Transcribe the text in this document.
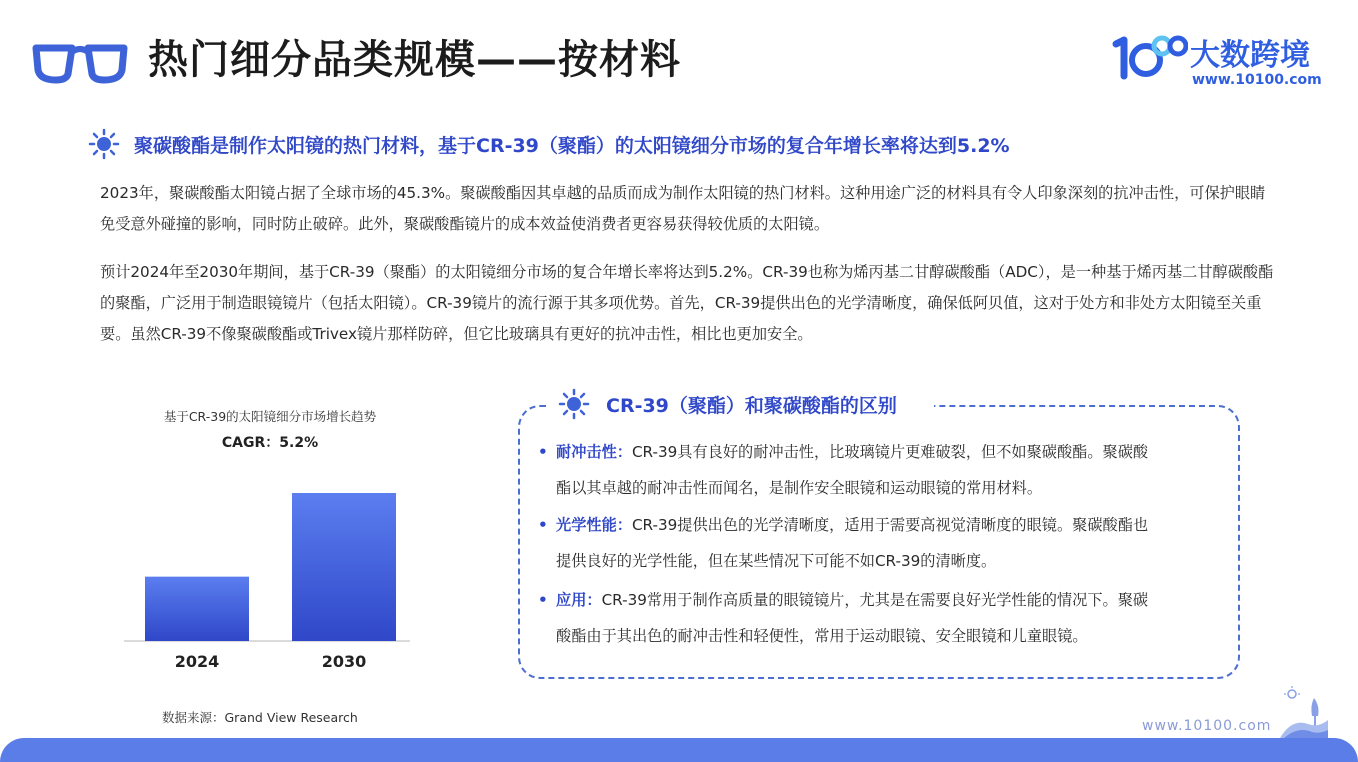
热门细分品类规模——按材料	大数跨境
www.10100.com
聚碳酸酯是制作太阳镜的热门材料，基于CR-39（聚酯）的太阳镜细分市场的复合年增长率将达到5.2%
2023年，聚碳酸酯太阳镜占据了全球市场的45.3%。聚碳酸酯因其卓越的品质而成为制作太阳镜的热门材料。这种用途广泛的材料具有令人印象深刻的抗冲击性，可保护眼睛免受意外碰撞的影响，同时防止破碎。此外，聚碳酸酯镜片的成本效益使消费者更容易获得较优质的太阳镜。
预计2024年至2030年期间，基于CR-39（聚酯）的太阳镜细分市场的复合年增长率将达到5.2%。CR-39也称为烯丙基二甘醇碳酸酯（ADC），是一种基于烯丙基二甘醇碳酸酯的聚酯，广泛用于制造眼镜镜片（包括太阳镜）。CR-39镜片的流行源于其多项优势。首先，CR-39提供出色的光学清晰度，确保低阿贝值，这对于处方和非处方太阳镜至关重要。虽然CR-39不像聚碳酸酯或Trivex镜片那样防碎，但它比玻璃具有更好的抗冲击性，相比也更加安全。
基于CR-39的太阳镜细分市场增长趋势
CAGR：5.2%
2024	2030
数据来源：Grand View Research
CR-39（聚酯）和聚碳酸酯的区别
• 耐冲击性：CR-39具有良好的耐冲击性，比玻璃镜片更难破裂，但不如聚碳酸酯。聚碳酸
酯以其卓越的耐冲击性而闻名，是制作安全眼镜和运动眼镜的常用材料。
• 光学性能：CR-39提供出色的光学清晰度，适用于需要高视觉清晰度的眼镜。聚碳酸酯也
提供良好的光学性能，但在某些情况下可能不如CR-39的清晰度。
• 应用：CR-39常用于制作高质量的眼镜镜片，尤其是在需要良好光学性能的情况下。聚碳
酸酯由于其出色的耐冲击性和轻便性，常用于运动眼镜、安全眼镜和儿童眼镜。
www.10100.com
